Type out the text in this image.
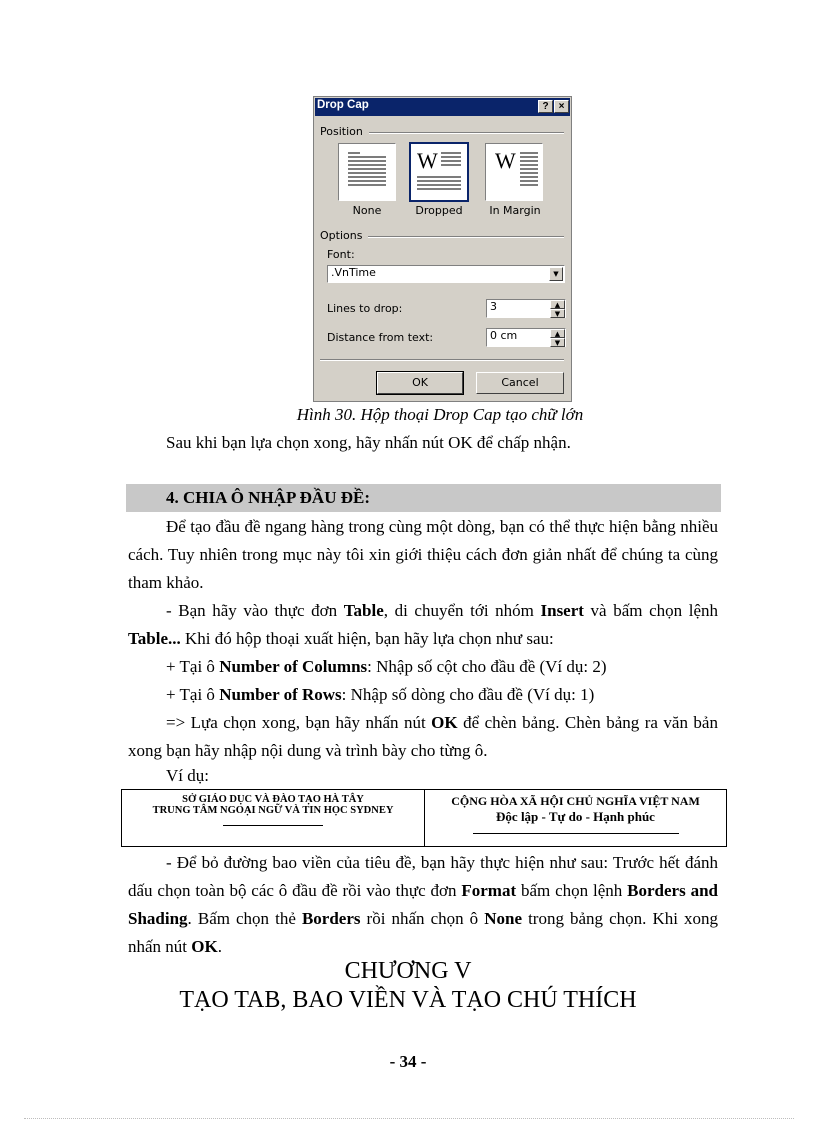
Drop Cap	?	×
Position
None
W
Dropped
W
In Margin
Options
Font:
.VnTime	▼
Lines to drop:	3	▲
▼
Distance from text:	0 cm	▲
▼
OK	Cancel
Hình 30. Hộp thoại Drop Cap tạo chữ lớn
Sau khi bạn lựa chọn xong, hãy nhấn nút OK để chấp nhận.
4. CHIA Ô NHẬP ĐẦU ĐỀ:
Để tạo đầu đề ngang hàng trong cùng một dòng, bạn có thể thực hiện bằng nhiều cách. Tuy nhiên trong mục này tôi xin giới thiệu cách đơn giản nhất để chúng ta cùng tham khảo.
- Bạn hãy vào thực đơn Table, di chuyển tới nhóm Insert và bấm chọn lệnh Table... Khi đó hộp thoại xuất hiện, bạn hãy lựa chọn như sau:
+ Tại ô Number of Columns: Nhập số cột cho đầu đề (Ví dụ: 2)
+ Tại ô Number of Rows: Nhập số dòng cho đầu đề (Ví dụ: 1)
=> Lựa chọn xong, bạn hãy nhấn nút OK để chèn bảng. Chèn bảng ra văn bản xong bạn hãy nhập nội dung và trình bày cho từng ô.
Ví dụ:
SỞ GIÁO DỤC VÀ ĐÀO TẠO HÀ TÂY
TRUNG TÂM NGOẠI NGỮ VÀ TIN HỌC SYDNEY
CỘNG HÒA XÃ HỘI CHỦ NGHĨA VIỆT NAM
Độc lập - Tự do - Hạnh phúc
- Để bỏ đường bao viền của tiêu đề, bạn hãy thực hiện như sau: Trước hết đánh dấu chọn toàn bộ các ô đầu đề rồi vào thực đơn Format bấm chọn lệnh Borders and Shading. Bấm chọn thẻ Borders rồi nhấn chọn ô None trong bảng chọn. Khi xong nhấn nút OK.
CHƯƠNG V
TẠO TAB, BAO VIỀN VÀ TẠO CHÚ THÍCH
- 34 -
